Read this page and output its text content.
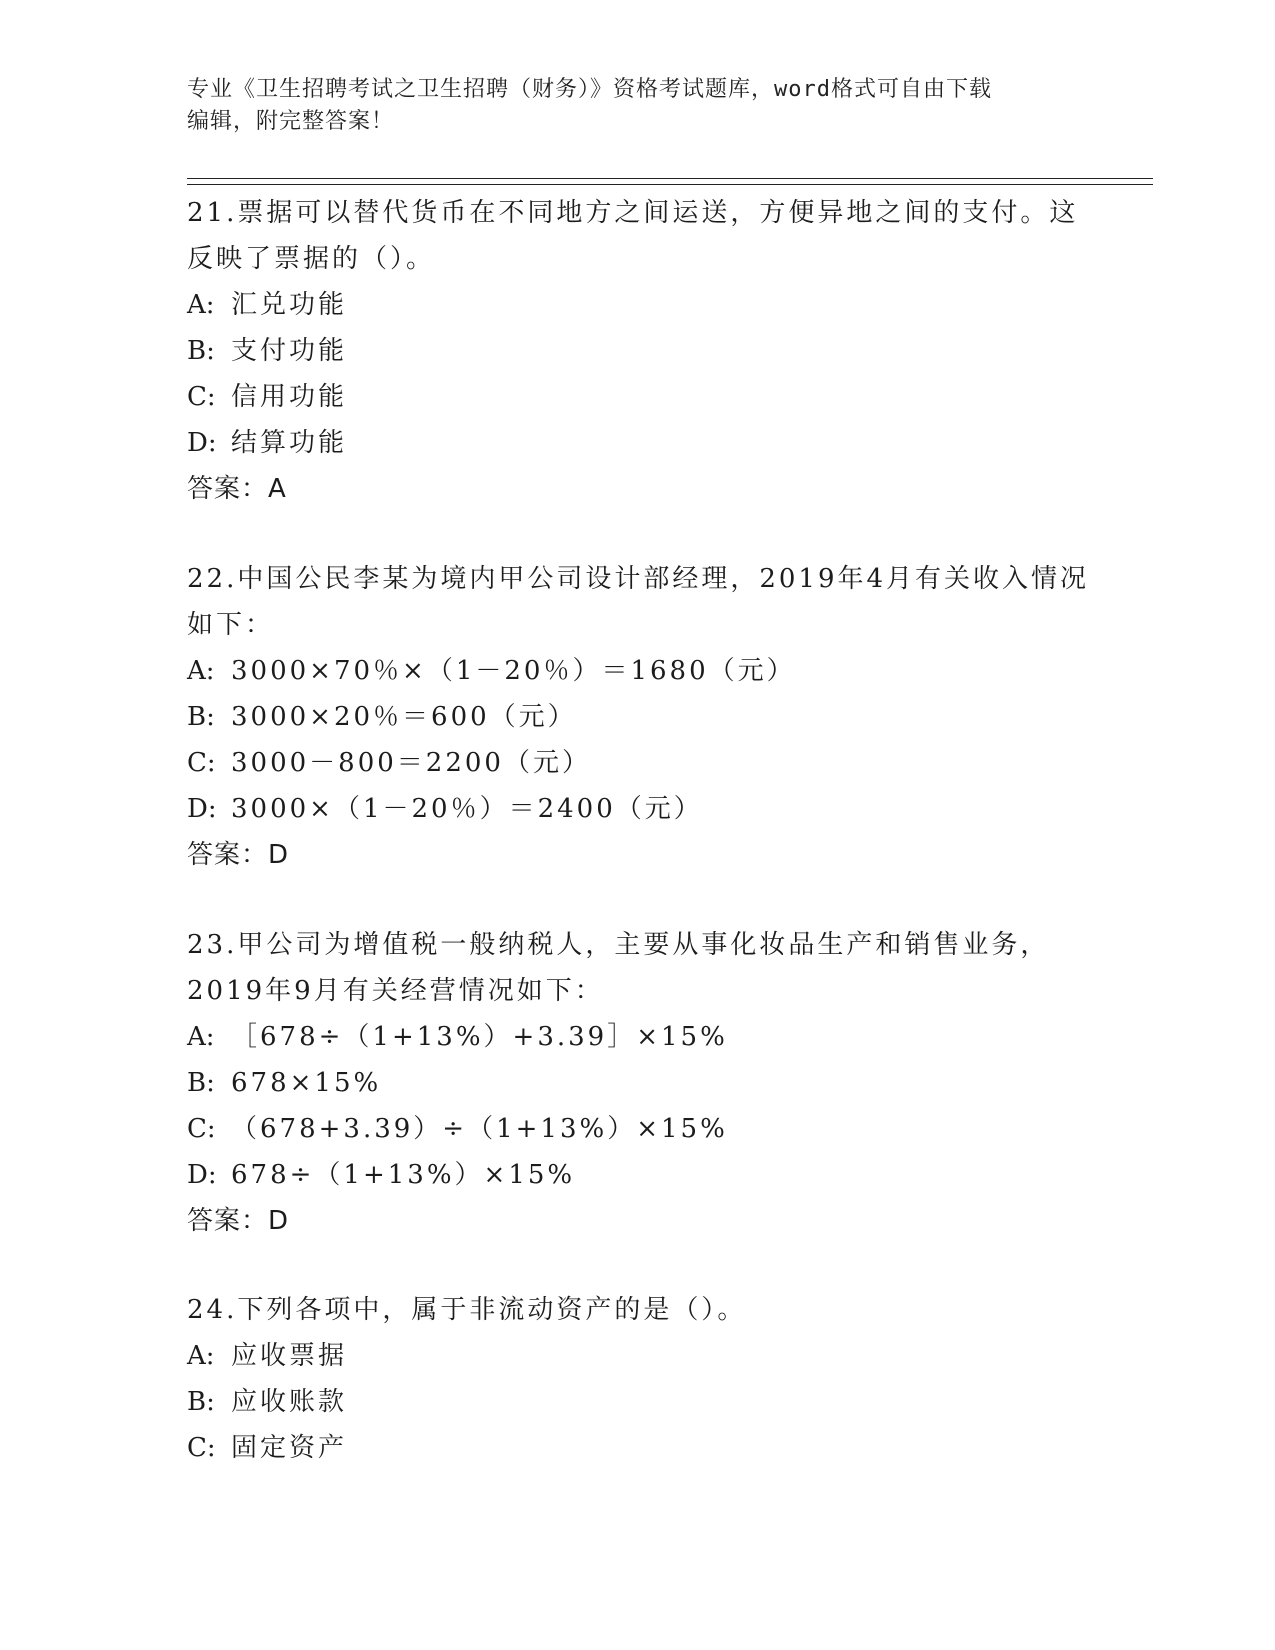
专业《卫生招聘考试之卫生招聘（财务）》资格考试题库，word格式可自由下载
编辑，附完整答案！
21.票据可以替代货币在不同地方之间运送，方便异地之间的支付。这
反映了票据的（）。
A: 汇兑功能
B: 支付功能
C: 信用功能
D: 结算功能
答案：A
22.中国公民李某为境内甲公司设计部经理，2019年4月有关收入情况
如下：
A: 3000×70％×（1－20％）＝1680（元）
B: 3000×20％＝600（元）
C: 3000－800＝2200（元）
D: 3000×（1－20％）＝2400（元）
答案：D
23.甲公司为增值税一般纳税人，主要从事化妆品生产和销售业务，
2019年9月有关经营情况如下：
A: ［678÷（1+13%）+3.39］×15%
B: 678×15%
C: （678+3.39）÷（1+13%）×15%
D: 678÷（1+13%）×15%
答案：D
24.下列各项中，属于非流动资产的是（）。
A: 应收票据
B: 应收账款
C: 固定资产
